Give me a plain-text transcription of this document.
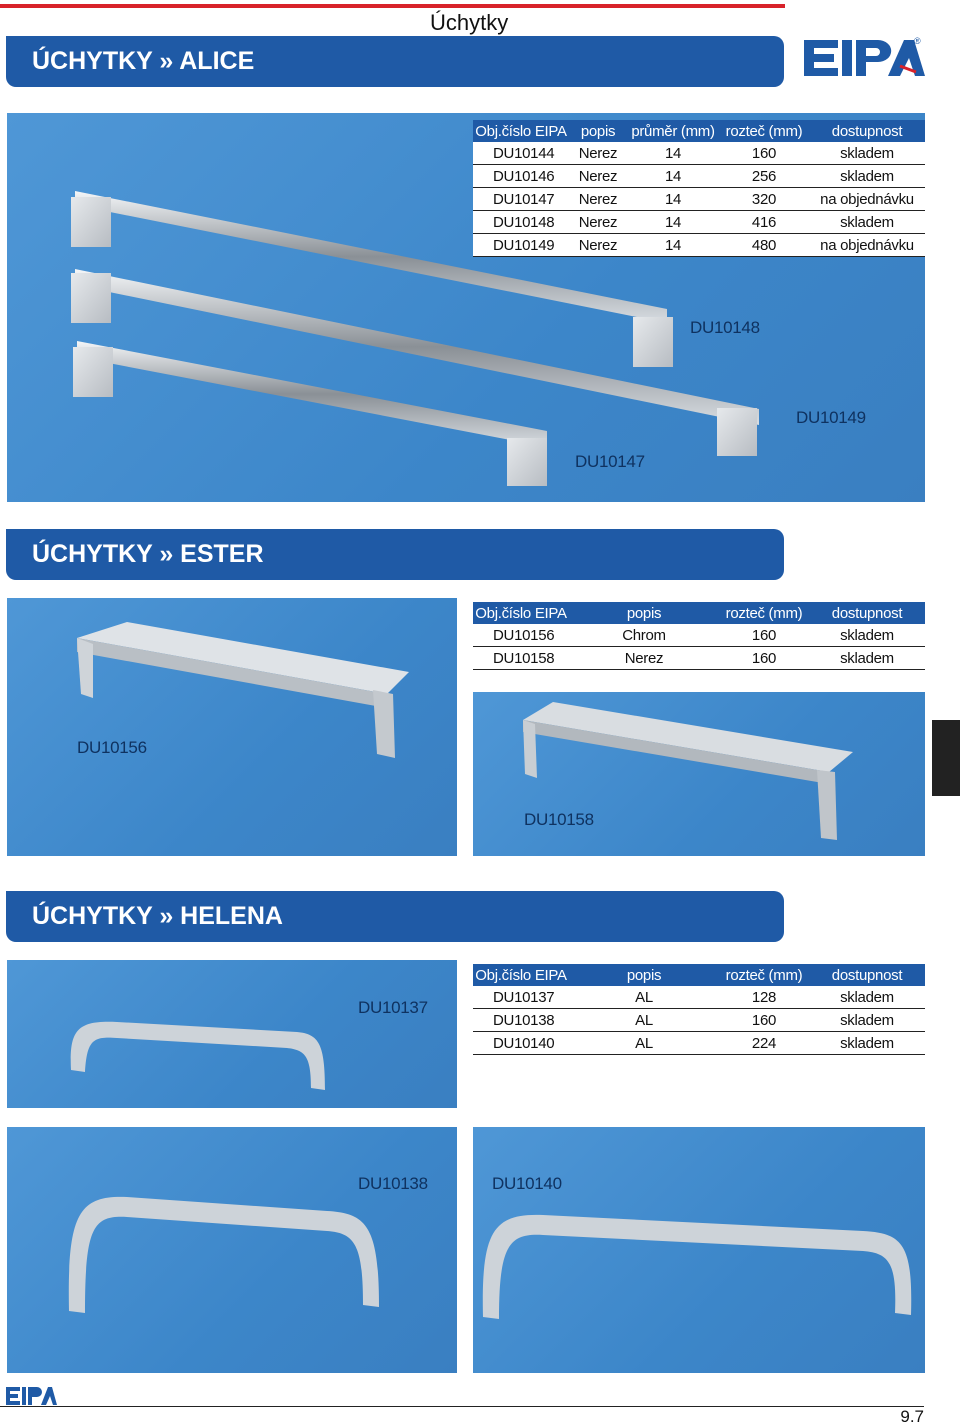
Úchytky
®
ÚCHYTKY » ALICE
Obj.číslo EIPA	popis	průměr (mm)	rozteč (mm)	dostupnost
DU10144	Nerez	14	160	skladem
DU10146	Nerez	14	256	skladem
DU10147	Nerez	14	320	na objednávku
DU10148	Nerez	14	416	skladem
DU10149	Nerez	14	480	na objednávku
DU10148
DU10149
DU10147
ÚCHYTKY » ESTER
Obj.číslo EIPA	popis	rozteč (mm)	dostupnost
DU10156	Chrom	160	skladem
DU10158	Nerez	160	skladem
DU10156
DU10158
ÚCHYTKY » HELENA
Obj.číslo EIPA	popis	rozteč (mm)	dostupnost
DU10137	AL	128	skladem
DU10138	AL	160	skladem
DU10140	AL	224	skladem
DU10137
DU10138	DU10140
9.7
